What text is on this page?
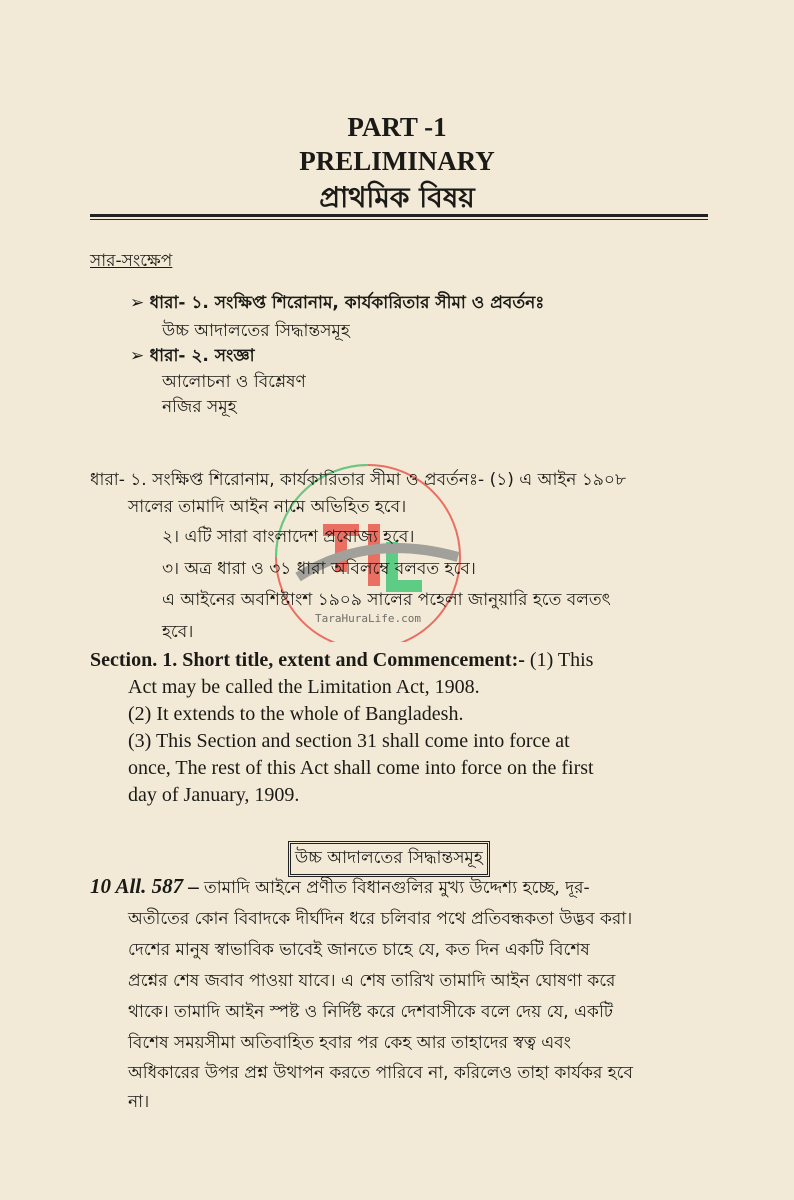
TaraHuraLife.com
PART -1
PRELIMINARY
প্রাথমিক বিষয়
সার-সংক্ষেপ
➢ ধারা- ১. সংক্ষিপ্ত শিরোনাম, কার্যকারিতার সীমা ও প্রবর্তনঃ
উচ্চ আদালতের সিদ্ধান্তসমূহ
➢ ধারা- ২. সংজ্ঞা
আলোচনা ও বিশ্লেষণ
নজির সমূহ
ধারা- ১. সংক্ষিপ্ত শিরোনাম, কার্যকারিতার সীমা ও প্রবর্তনঃ- (১) এ আইন ১৯০৮
সালের তামাদি আইন নামে অভিহিত হবে।
২। এটি সারা বাংলাদেশ প্রযোজ্য হবে।
৩। অত্র ধারা ও ৩১ ধারা অবিলম্বে বলবত হবে।
এ আইনের অবশিষ্টাংশ ১৯০৯ সালের পহেলা জানুয়ারি হতে বলতৎ
হবে।
Section. 1. Short title, extent and Commencement:- (1) This
Act may be called the Limitation Act, 1908.
(2) It extends to the whole of Bangladesh.
(3) This Section and section 31 shall come into force at
once, The rest of this Act shall come into force on the first
day of January, 1909.
উচ্চ আদালতের সিদ্ধান্তসমূহ
10 All. 587 – তামাদি আইনে প্রণীত বিধানগুলির মুখ্য উদ্দেশ্য হচ্ছে, দূর-
অতীতের কোন বিবাদকে দীর্ঘদিন ধরে চলিবার পথে প্রতিবন্ধকতা উদ্ভব করা।
দেশের মানুষ স্বাভাবিক ভাবেই জানতে চাহে যে, কত দিন একটি বিশেষ
প্রশ্নের শেষ জবাব পাওয়া যাবে। এ শেষ তারিখ তামাদি আইন ঘোষণা করে
থাকে। তামাদি আইন স্পষ্ট ও নির্দিষ্ট করে দেশবাসীকে বলে দেয় যে, একটি
বিশেষ সময়সীমা অতিবাহিত হবার পর কেহ আর তাহাদের স্বত্ব এবং
অধিকারের উপর প্রশ্ন উথাপন করতে পারিবে না, করিলেও তাহা কার্যকর হবে
না।
